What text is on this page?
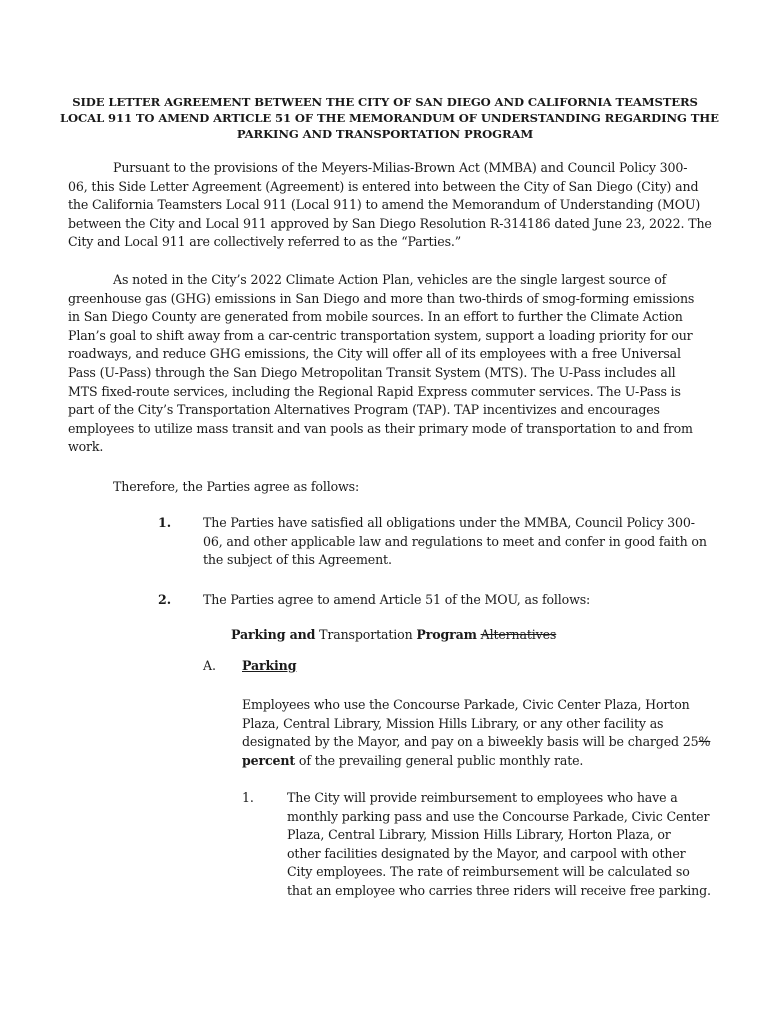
SIDE LETTER AGREEMENT BETWEEN THE CITY OF SAN DIEGO AND CALIFORNIA TEAMSTERS
LOCAL 911 TO AMEND ARTICLE 51 OF THE MEMORANDUM OF UNDERSTANDING REGARDING THE
PARKING AND TRANSPORTATION PROGRAM
Pursuant to the provisions of the Meyers-Milias-Brown Act (MMBA) and Council Policy 300-
06, this Side Letter Agreement (Agreement) is entered into between the City of San Diego (City) and
the California Teamsters Local 911 (Local 911) to amend the Memorandum of Understanding (MOU)
between the City and Local 911 approved by San Diego Resolution R-314186 dated June 23, 2022. The
City and Local 911 are collectively referred to as the “Parties.”
As noted in the City’s 2022 Climate Action Plan, vehicles are the single largest source of
greenhouse gas (GHG) emissions in San Diego and more than two-thirds of smog-forming emissions
in San Diego County are generated from mobile sources. In an effort to further the Climate Action
Plan’s goal to shift away from a car-centric transportation system, support a loading priority for our
roadways, and reduce GHG emissions, the City will offer all of its employees with a free Universal
Pass (U-Pass) through the San Diego Metropolitan Transit System (MTS). The U-Pass includes all
MTS fixed-route services, including the Regional Rapid Express commuter services. The U-Pass is
part of the City’s Transportation Alternatives Program (TAP). TAP incentivizes and encourages
employees to utilize mass transit and van pools as their primary mode of transportation to and from
work.
Therefore, the Parties agree as follows:
1.	The Parties have satisfied all obligations under the MMBA, Council Policy 300-
06, and other applicable law and regulations to meet and confer in good faith on
the subject of this Agreement.
2.	The Parties agree to amend Article 51 of the MOU, as follows:
Parking and Transportation Program Alternatives
A. Parking
Employees who use the Concourse Parkade, Civic Center Plaza, Horton
Plaza, Central Library, Mission Hills Library, or any other facility as
designated by the Mayor, and pay on a biweekly basis will be charged 25%
percent of the prevailing general public monthly rate.
1.	The City will provide reimbursement to employees who have a
monthly parking pass and use the Concourse Parkade, Civic Center
Plaza, Central Library, Mission Hills Library, Horton Plaza, or
other facilities designated by the Mayor, and carpool with other
City employees. The rate of reimbursement will be calculated so
that an employee who carries three riders will receive free parking.
